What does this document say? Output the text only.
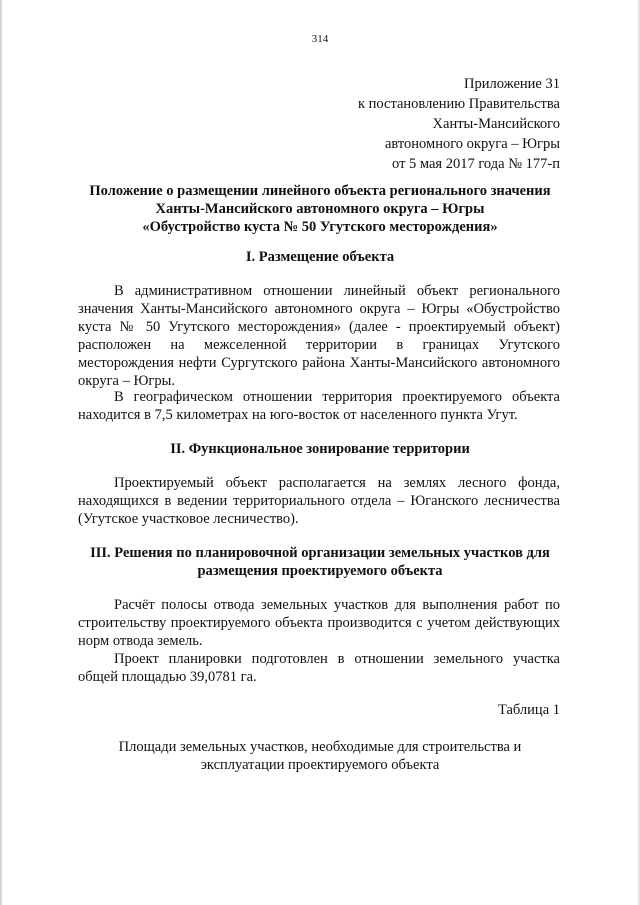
314
Приложение 31
к постановлению Правительства
Ханты-Мансийского
автономного округа – Югры
от 5 мая 2017 года № 177-п
Положение о размещении линейного объекта регионального значения
Ханты-Мансийского автономного округа – Югры
«Обустройство куста № 50 Угутского месторождения»
I. Размещение объекта
В административном отношении линейный объект регионального значения Ханты-Мансийского автономного округа – Югры «Обустройство куста № 50 Угутского месторождения» (далее - проектируемый объект) расположен на межселенной территории в границах Угутского месторождения нефти Сургутского района Ханты-Мансийского автономного округа – Югры.
В географическом отношении территория проектируемого объекта находится в 7,5 километрах на юго-восток от населенного пункта Угут.
II. Функциональное зонирование территории
Проектируемый объект располагается на землях лесного фонда, находящихся в ведении территориального отдела – Юганского лесничества (Угутское участковое лесничество).
III. Решения по планировочной организации земельных участков для
размещения проектируемого объекта
Расчёт полосы отвода земельных участков для выполнения работ по строительству проектируемого объекта производится с учетом действующих норм отвода земель.
Проект планировки подготовлен в отношении земельного участка общей площадью 39,0781 га.
Таблица 1
Площади земельных участков, необходимые для строительства и
эксплуатации проектируемого объекта
